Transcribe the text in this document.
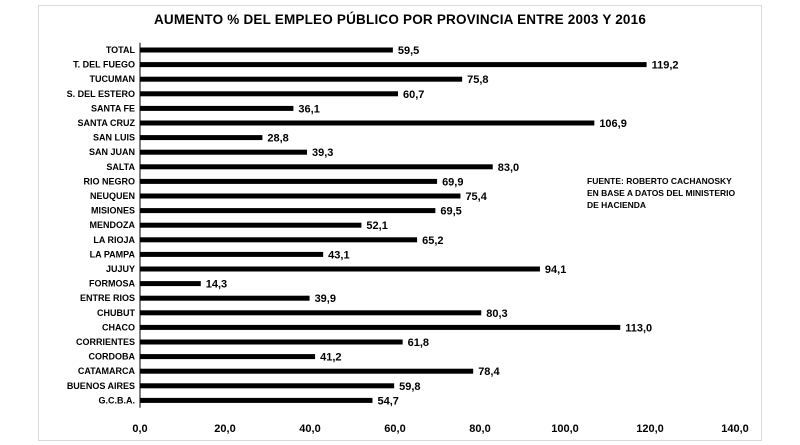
AUMENTO % DEL EMPLEO PÚBLICO POR PROVINCIA ENTRE 2003 Y 2016
TOTAL	59,5
T. DEL FUEGO	119,2
TUCUMAN	75,8
S. DEL ESTERO	60,7
SANTA FE	36,1
SANTA CRUZ	106,9
SAN LUIS	28,8
SAN JUAN	39,3
SALTA	83,0
RIO NEGRO	69,9
NEUQUEN	75,4
MISIONES	69,5
MENDOZA	52,1
LA RIOJA	65,2
LA PAMPA	43,1
JUJUY	94,1
FORMOSA	14,3
ENTRE RIOS	39,9
CHUBUT	80,3
CHACO	113,0
CORRIENTES	61,8
CORDOBA	41,2
CATAMARCA	78,4
BUENOS AIRES	59,8
G.C.B.A.	54,7
0,0	20,0	40,0	60,0	80,0	100,0	120,0	140,0
FUENTE: ROBERTO CACHANOSKY EN BASE A DATOS DEL MINISTERIO DE HACIENDA
